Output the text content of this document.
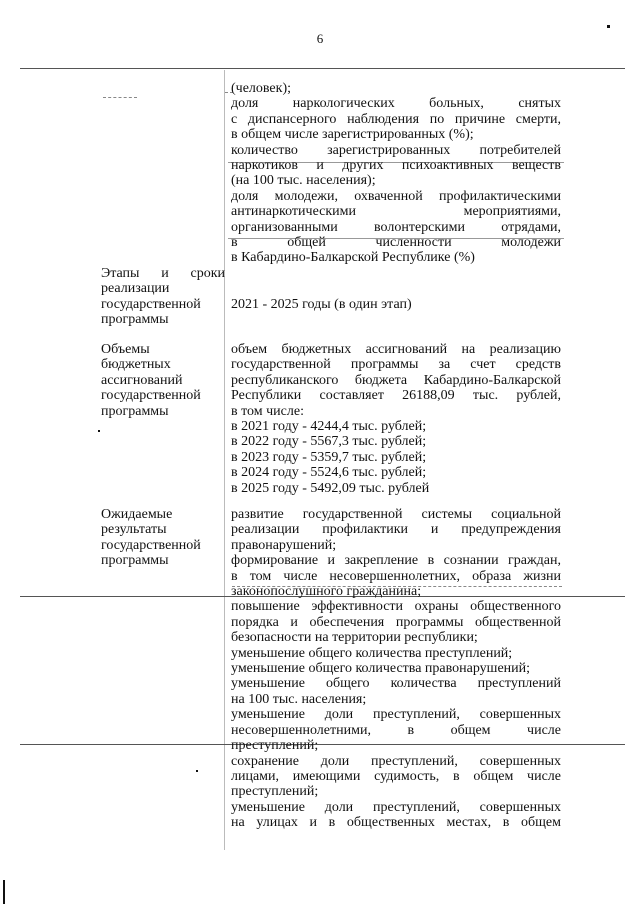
6
(человек);
доля наркологических больных, снятых
с диспансерного наблюдения по причине смерти,
в общем числе зарегистрированных (%);
количество зарегистрированных потребителей
наркотиков и других психоактивных веществ
(на 100 тыс. населения);
доля молодежи, охваченной профилактическими
антинаркотическими мероприятиями,
организованными волонтерскими отрядами,
в общей численности молодежи
в Кабардино-Балкарской Республике (%)
Этапы и сроки
реализации
государственной
программы
2021 - 2025 годы (в один этап)
Объемы
бюджетных
ассигнований
государственной
программы
объем бюджетных ассигнований на реализацию
государственной программы за счет средств
республиканского бюджета Кабардино-Балкарской
Республики составляет 26188,09 тыс. рублей,
в том числе:
в 2021 году - 4244,4 тыс. рублей;
в 2022 году - 5567,3 тыс. рублей;
в 2023 году - 5359,7 тыс. рублей;
в 2024 году - 5524,6 тыс. рублей;
в 2025 году - 5492,09 тыс. рублей
Ожидаемые
результаты
государственной
программы
развитие государственной системы социальной
реализации профилактики и предупреждения
правонарушений;
формирование и закрепление в сознании граждан,
в том числе несовершеннолетних, образа жизни
законопослушного гражданина;
повышение эффективности охраны общественного
порядка и обеспечения программы общественной
безопасности на территории республики;
уменьшение общего количества преступлений;
уменьшение общего количества правонарушений;
уменьшение общего количества преступлений
на 100 тыс. населения;
уменьшение доли преступлений, совершенных
несовершеннолетними, в общем числе
преступлений;
сохранение доли преступлений, совершенных
лицами, имеющими судимость, в общем числе
преступлений;
уменьшение доли преступлений, совершенных
на улицах и в общественных местах, в общем
